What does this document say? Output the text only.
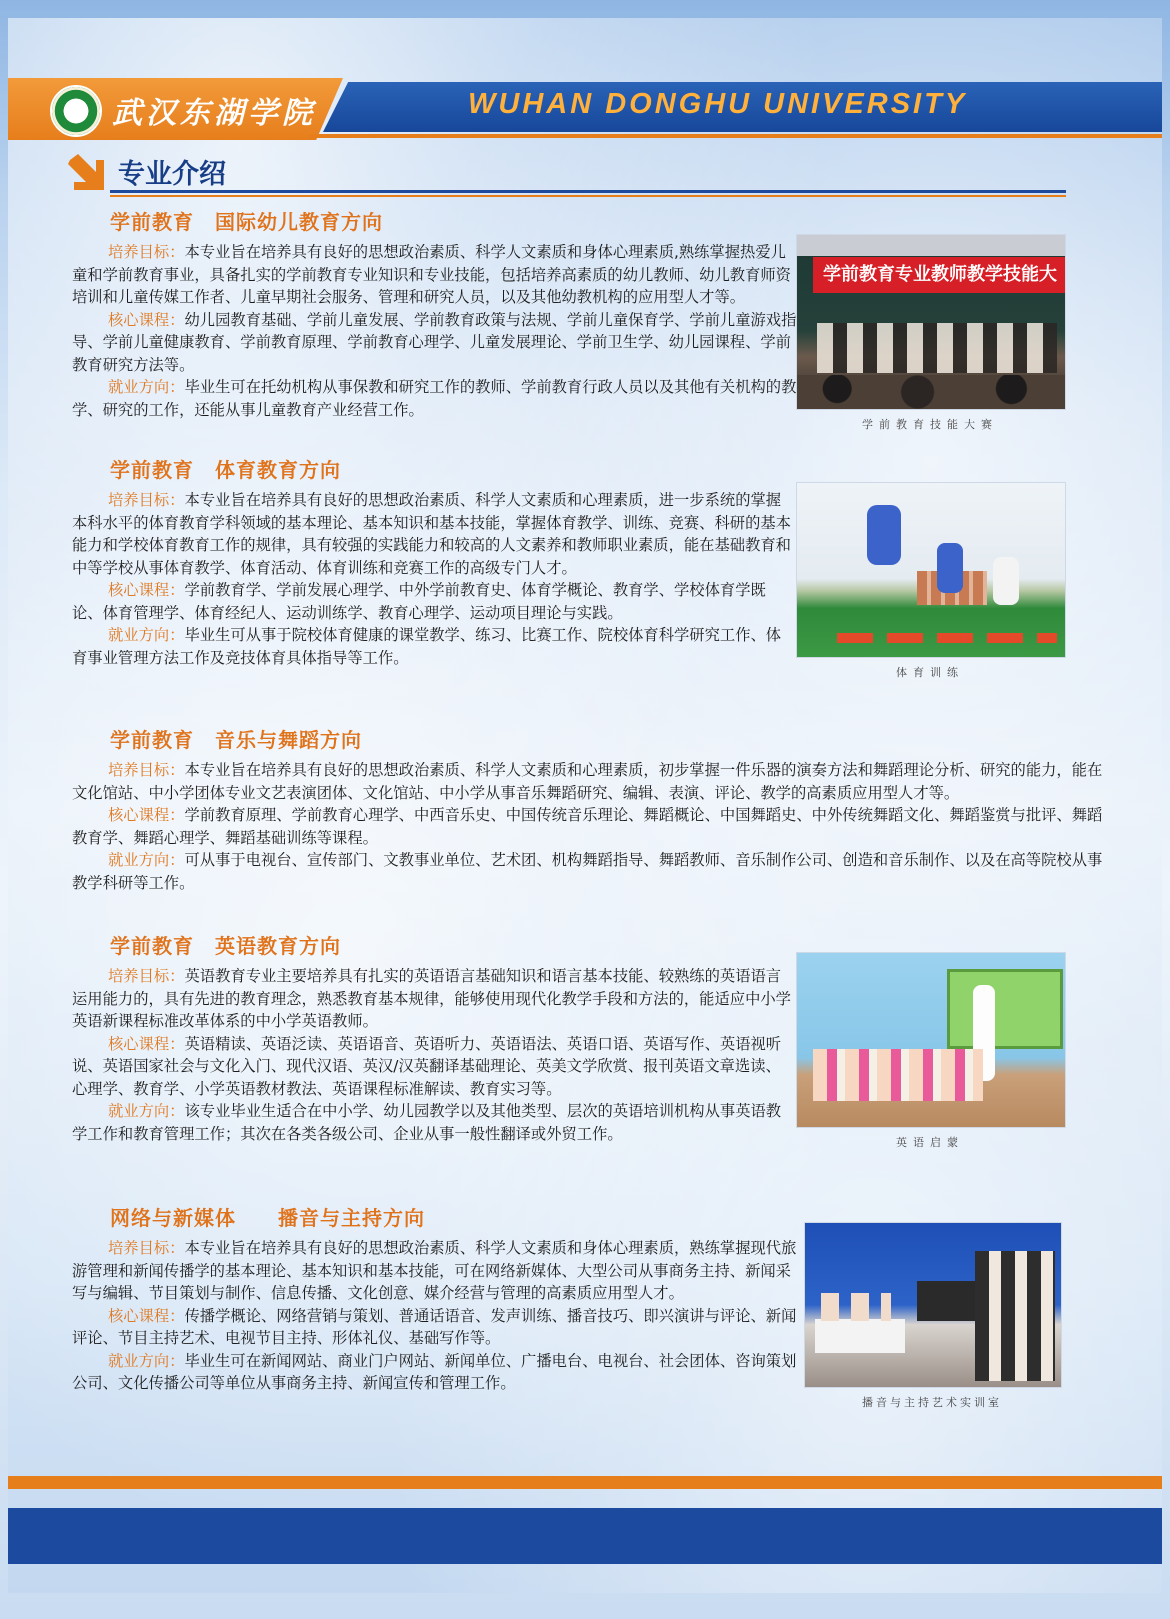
武汉东湖学院	WUHAN DONGHU UNIVERSITY
专业介绍
学前教育　国际幼儿教育方向

培养目标：本专业旨在培养具有良好的思想政治素质、科学人文素质和身体心理素质,熟练掌握热爱儿童和学前教育事业，具备扎实的学前教育专业知识和专业技能，包括培养高素质的幼儿教师、幼儿教育师资培训和儿童传媒工作者、儿童早期社会服务、管理和研究人员，以及其他幼教机构的应用型人才等。

核心课程：幼儿园教育基础、学前儿童发展、学前教育政策与法规、学前儿童保育学、学前儿童游戏指导、学前儿童健康教育、学前教育原理、学前教育心理学、儿童发展理论、学前卫生学、幼儿园课程、学前教育研究方法等。

就业方向：毕业生可在托幼机构从事保教和研究工作的教师、学前教育行政人员以及其他有关机构的教学、研究的工作，还能从事儿童教育产业经营工作。

学前教育专业教师教学技能大
学前教育技能大赛
学前教育　体育教育方向

培养目标：本专业旨在培养具有良好的思想政治素质、科学人文素质和心理素质，进一步系统的掌握本科水平的体育教育学科领域的基本理论、基本知识和基本技能，掌握体育教学、训练、竞赛、科研的基本能力和学校体育教育工作的规律，具有较强的实践能力和较高的人文素养和教师职业素质，能在基础教育和中等学校从事体育教学、体育活动、体育训练和竞赛工作的高级专门人才。

核心课程：学前教育学、学前发展心理学、中外学前教育史、体育学概论、教育学、学校体育学既论、体育管理学、体育经纪人、运动训练学、教育心理学、运动项目理论与实践。

就业方向：毕业生可从事于院校体育健康的课堂教学、练习、比赛工作、院校体育科学研究工作、体育事业管理方法工作及竞技体育具体指导等工作。

体育训练
学前教育　音乐与舞蹈方向

培养目标：本专业旨在培养具有良好的思想政治素质、科学人文素质和心理素质，初步掌握一件乐器的演奏方法和舞蹈理论分析、研究的能力，能在文化馆站、中小学团体专业文艺表演团体、文化馆站、中小学从事音乐舞蹈研究、编辑、表演、评论、教学的高素质应用型人才等。

核心课程：学前教育原理、学前教育心理学、中西音乐史、中国传统音乐理论、舞蹈概论、中国舞蹈史、中外传统舞蹈文化、舞蹈鉴赏与批评、舞蹈教育学、舞蹈心理学、舞蹈基础训练等课程。

就业方向：可从事于电视台、宣传部门、文教事业单位、艺术团、机构舞蹈指导、舞蹈教师、音乐制作公司、创造和音乐制作、以及在高等院校从事教学科研等工作。

学前教育　英语教育方向

培养目标：英语教育专业主要培养具有扎实的英语语言基础知识和语言基本技能、较熟练的英语语言运用能力的，具有先进的教育理念，熟悉教育基本规律，能够使用现代化教学手段和方法的，能适应中小学英语新课程标准改革体系的中小学英语教师。

核心课程：英语精读、英语泛读、英语语音、英语听力、英语语法、英语口语、英语写作、英语视听说、英语国家社会与文化入门、现代汉语、英汉/汉英翻译基础理论、英美文学欣赏、报刊英语文章选读、心理学、教育学、小学英语教材教法、英语课程标准解读、教育实习等。

就业方向：该专业毕业生适合在中小学、幼儿园教学以及其他类型、层次的英语培训机构从事英语教学工作和教育管理工作；其次在各类各级公司、企业从事一般性翻译或外贸工作。	英语启蒙
网络与新媒体　　播音与主持方向

培养目标：本专业旨在培养具有良好的思想政治素质、科学人文素质和身体心理素质，熟练掌握现代旅游管理和新闻传播学的基本理论、基本知识和基本技能，可在网络新媒体、大型公司从事商务主持、新闻采写与编辑、节目策划与制作、信息传播、文化创意、媒介经营与管理的高素质应用型人才。

核心课程：传播学概论、网络营销与策划、普通话语音、发声训练、播音技巧、即兴演讲与评论、新闻评论、节目主持艺术、电视节目主持、形体礼仪、基础写作等。

就业方向：毕业生可在新闻网站、商业门户网站、新闻单位、广播电台、电视台、社会团体、咨询策划公司、文化传播公司等单位从事商务主持、新闻宣传和管理工作。

播音与主持艺术实训室
